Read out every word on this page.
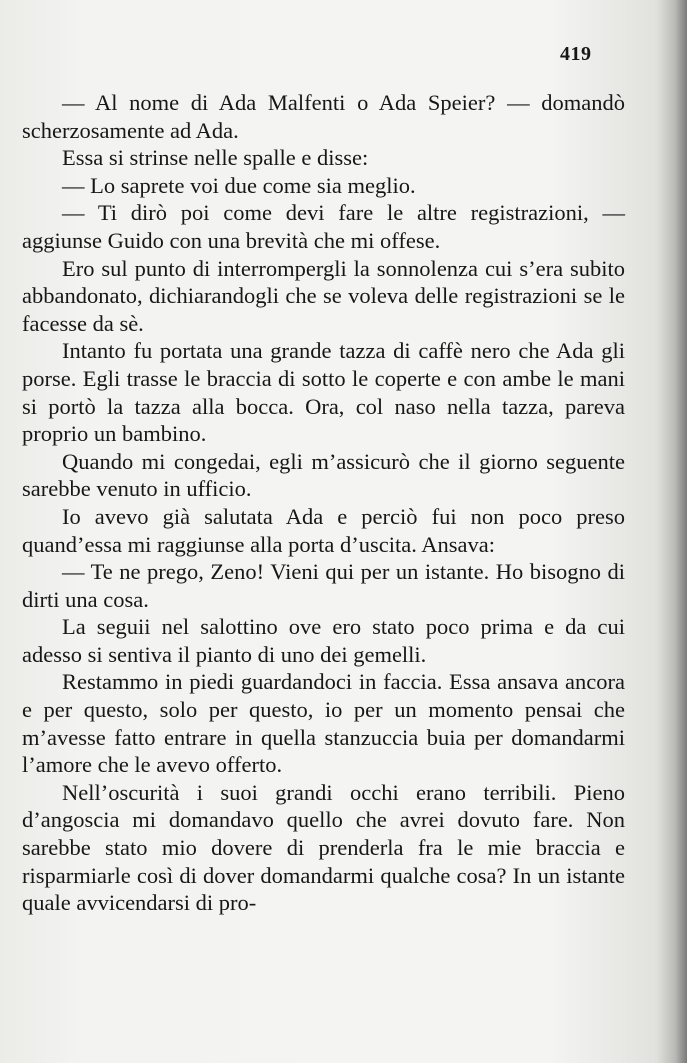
419

— Al nome di Ada Malfenti o Ada Speier? — domandò scherzosamente ad Ada.

Essa si strinse nelle spalle e disse:

— Lo saprete voi due come sia meglio.

— Ti dirò poi come devi fare le altre registrazioni, — aggiunse Guido con una brevità che mi offese.

Ero sul punto di interrompergli la sonnolenza cui s’era subito abbandonato, dichiarandogli che se voleva delle registrazioni se le facesse da sè.

Intanto fu portata una grande tazza di caffè nero che Ada gli porse. Egli trasse le braccia di sotto le coperte e con ambe le mani si portò la tazza alla bocca. Ora, col naso nella tazza, pareva proprio un bambino.

Quando mi congedai, egli m’assicurò che il giorno seguente sarebbe venuto in ufficio.

Io avevo già salutata Ada e perciò fui non poco preso quand’essa mi raggiunse alla porta d’uscita. Ansava:

— Te ne prego, Zeno! Vieni qui per un istante. Ho bisogno di dirti una cosa.

La seguii nel salottino ove ero stato poco prima e da cui adesso si sentiva il pianto di uno dei gemelli.

Restammo in piedi guardandoci in faccia. Essa ansava ancora e per questo, solo per questo, io per un momento pensai che m’avesse fatto entrare in quella stanzuccia buia per domandarmi l’amore che le avevo offerto.

Nell’oscurità i suoi grandi occhi erano terribili. Pieno d’angoscia mi domandavo quello che avrei dovuto fare. Non sarebbe stato mio dovere di prenderla fra le mie braccia e risparmiarle così di dover domandarmi qualche cosa? In un istante quale avvicendarsi di pro-
